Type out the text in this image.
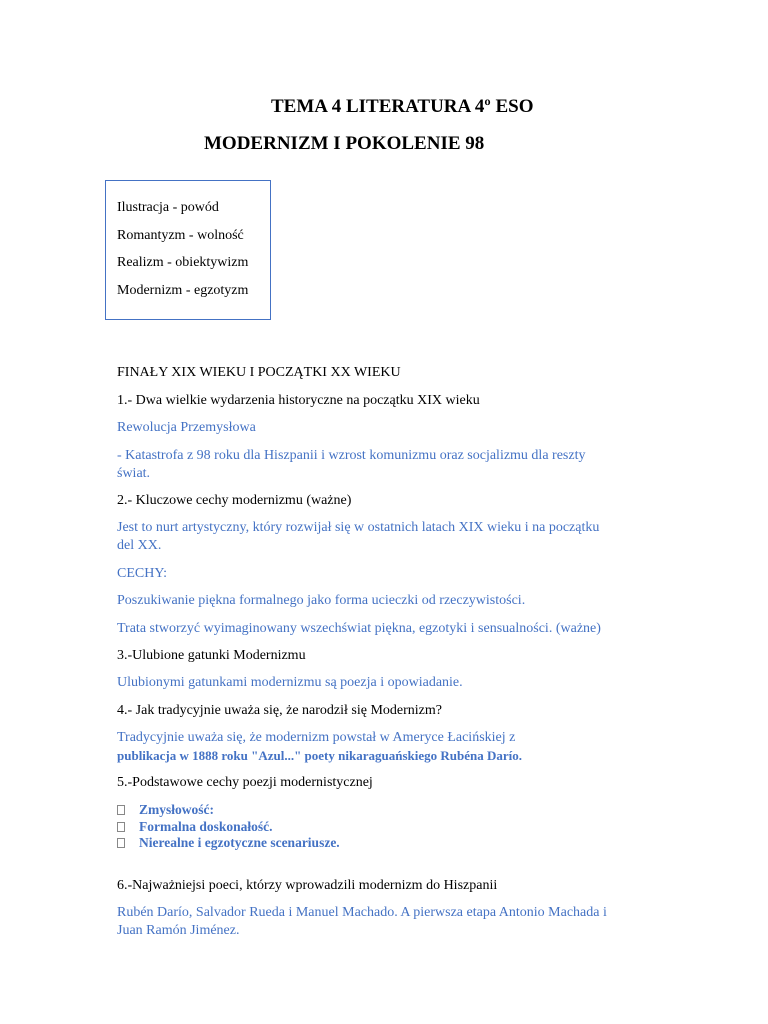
TEMA 4 LITERATURA 4º ESO
MODERNIZM I POKOLENIE 98
Ilustracja - powód
Romantyzm - wolność
Realizm - obiektywizm
Modernizm - egzotyzm
FINAŁY XIX WIEKU I POCZĄTKI XX WIEKU
1.- Dwa wielkie wydarzenia historyczne na początku XIX wieku
Rewolucja Przemysłowa
- Katastrofa z 98 roku dla Hiszpanii i wzrost komunizmu oraz socjalizmu dla reszty
świat.
2.- Kluczowe cechy modernizmu (ważne)
Jest to nurt artystyczny, który rozwijał się w ostatnich latach XIX wieku i na początku
del XX.
CECHY:
Poszukiwanie piękna formalnego jako forma ucieczki od rzeczywistości.
Trata stworzyć wyimaginowany wszechświat piękna, egzotyki i sensualności. (ważne)
3.-Ulubione gatunki Modernizmu
Ulubionymi gatunkami modernizmu są poezja i opowiadanie.
4.- Jak tradycyjnie uważa się, że narodził się Modernizm?
Tradycyjnie uważa się, że modernizm powstał w Ameryce Łacińskiej z
publikacja w 1888 roku "Azul..." poety nikaraguańskiego Rubéna Darío.
5.-Podstawowe cechy poezji modernistycznej
Zmysłowość:
Formalna doskonałość.
Nierealne i egzotyczne scenariusze.
6.-Najważniejsi poeci, którzy wprowadzili modernizm do Hiszpanii
Rubén Darío, Salvador Rueda i Manuel Machado. A pierwsza etapa Antonio Machada i
Juan Ramón Jiménez.
